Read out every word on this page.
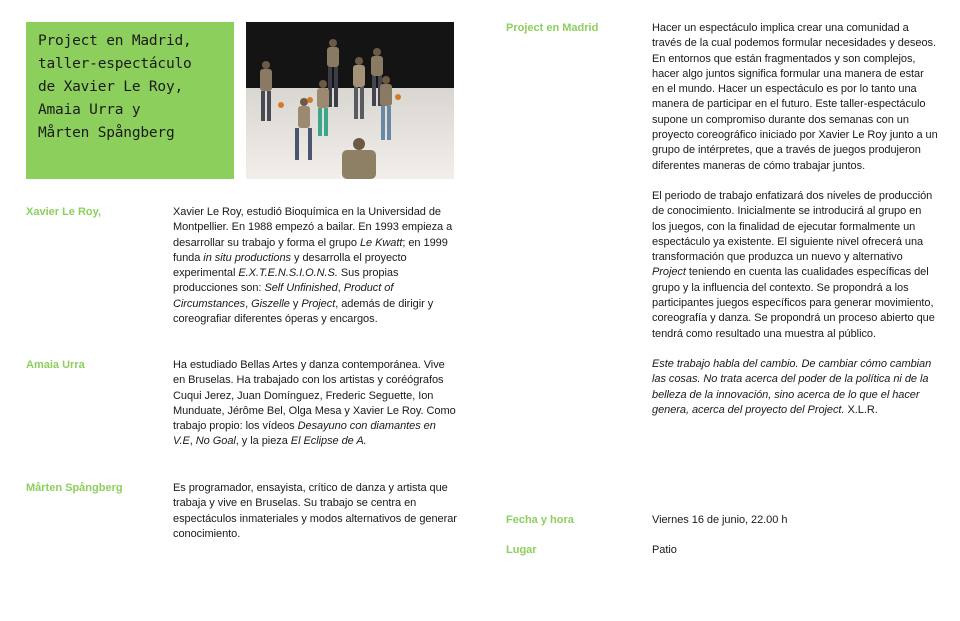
Project en Madrid,
taller-espectáculo
de Xavier Le Roy,
Amaia Urra y
Mårten Spångberg
Xavier Le Roy,	Xavier Le Roy, estudió Bioquímica en la Universidad de Montpellier. En 1988 empezó a bailar. En 1993 empieza a desarrollar su trabajo y forma el grupo Le Kwatt; en 1999 funda in situ productions y desarrolla el proyecto experimental E.X.T.E.N.S.I.O.N.S. Sus propias producciones son: Self Unfinished, Product of Circumstances, Giszelle y Project, además de dirigir y coreografiar diferentes óperas y encargos.
Amaia Urra	Ha estudiado Bellas Artes y danza contemporánea. Vive en Bruselas. Ha trabajado con los artistas y coréógrafos Cuqui Jerez, Juan Domínguez, Frederic Seguette, Ion Munduate, Jérôme Bel, Olga Mesa y Xavier Le Roy. Como trabajo propio: los vídeos Desayuno con diamantes en V.E, No Goal, y la pieza El Eclipse de A.
Mårten Spångberg	Es programador, ensayista, crítico de danza y artista que trabaja y vive en Bruselas. Su trabajo se centra en espectáculos inmateriales y modos alternativos de generar conocimiento.
Project en Madrid	Hacer un espectáculo implica crear una comunidad a través de la cual podemos formular necesidades y deseos. En entornos que están fragmentados y son complejos, hacer algo juntos significa formular una manera de estar en el mundo. Hacer un espectáculo es por lo tanto una manera de participar en el futuro. Este taller-espectáculo supone un compromiso durante dos semanas con un proyecto coreográfico iniciado por Xavier Le Roy junto a un grupo de intérpretes, que a través de juegos produjeron diferentes maneras de cómo trabajar juntos.

El periodo de trabajo enfatizará dos niveles de producción de conocimiento. Inicialmente se introducirá al grupo en los juegos, con la finalidad de ejecutar formalmente un espectáculo ya existente. El siguiente nivel ofrecerá una transformación que produzca un nuevo y alternativo Project teniendo en cuenta las cualidades específicas del grupo y la influencia del contexto. Se propondrá a los participantes juegos específicos para generar movimiento, coreografía y danza. Se propondrá un proceso abierto que tendrá como resultado una muestra al público.

Este trabajo habla del cambio. De cambiar cómo cambian las cosas. No trata acerca del poder de la política ni de la belleza de la innovación, sino acerca de lo que el hacer genera, acerca del proyecto del Project. X.L.R.

Fecha y hora	Viernes 16 de junio, 22.00 h
Lugar	Patio
